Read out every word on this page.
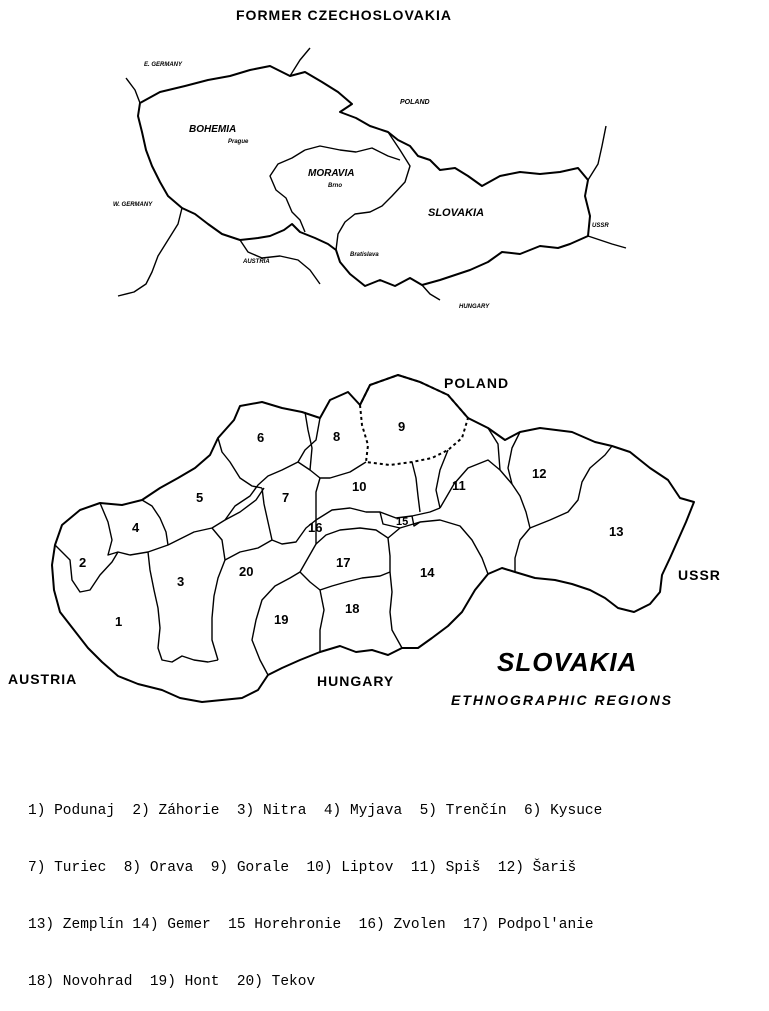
FORMER CZECHOSLOVAKIA
E. GERMANY
W. GERMANY
POLAND
AUSTRIA
HUNGARY
USSR
BOHEMIA
Prague
MORAVIA
Brno
SLOVAKIA
Bratislava
1
2
3
4
5
6
7
8
9
10	11
12
13
14
15
16
17
18
19
20
POLAND
USSR
HUNGARY
AUSTRIA
SLOVAKIA
ETHNOGRAPHIC REGIONS

1) Podunaj  2) Záhorie  3) Nitra  4) Myjava  5) Trenčín  6) Kysuce

7) Turiec  8) Orava  9) Gorale  10) Liptov  11) Spiš  12) Šariš

13) Zemplín 14) Gemer  15 Horehronie  16) Zvolen  17) Podpol'anie

18) Novohrad  19) Hont  20) Tekov
